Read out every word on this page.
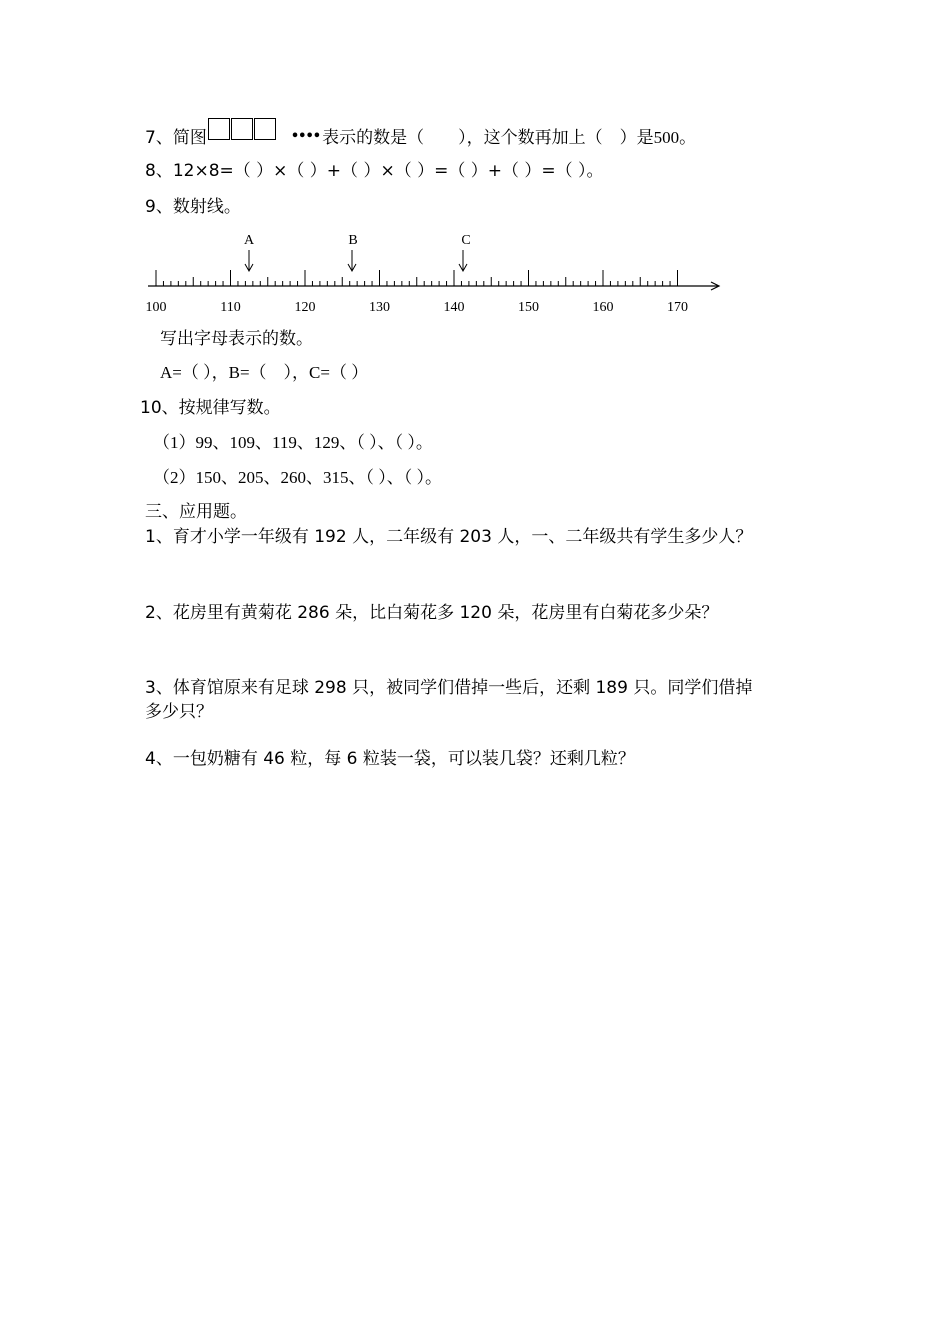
7、简图	•••• 表示的数是（　　），这个数再加上（　）是500。
8、12×8=（ ）×（ ）+（ ）×（ ）=（ ）+（ ）=（ ）。
9、数射线。
100	110	120	130	140	150	160	170
A	B	C
写出字母表示的数。
A=（ ），B=（　），C=（ ）
10、按规律写数。
（1）99、109、119、129、（ ）、（ ）。
（2）150、205、260、315、（ ）、（ ）。
三、应用题。
1、育才小学一年级有 192 人，二年级有 203 人，一、二年级共有学生多少人？
2、花房里有黄菊花 286 朵，比白菊花多 120 朵，花房里有白菊花多少朵？
3、体育馆原来有足球 298 只，被同学们借掉一些后，还剩 189 只。同学们借掉
多少只？
4、一包奶糖有 46 粒，每 6 粒装一袋，可以装几袋？还剩几粒？
